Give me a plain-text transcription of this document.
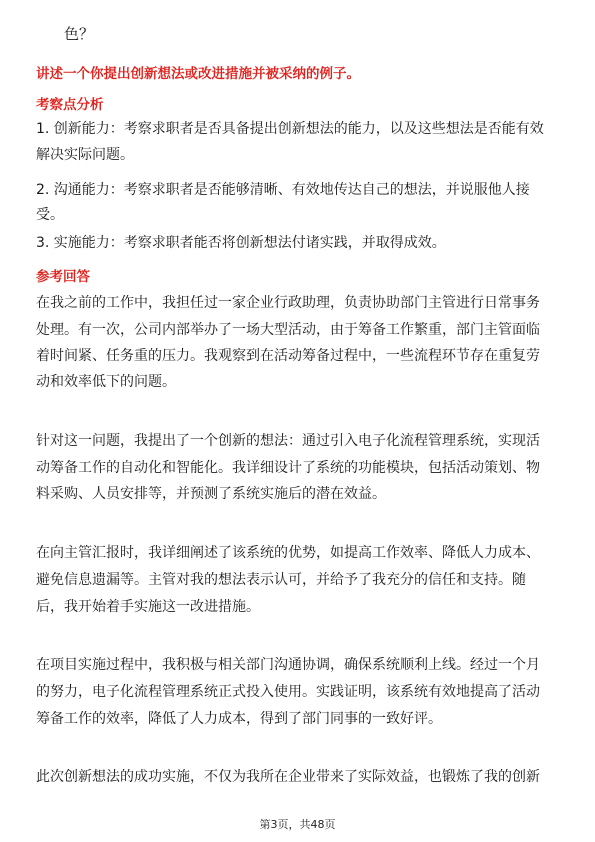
色？
讲述一个你提出创新想法或改进措施并被采纳的例子。
考察点分析
1. 创新能力：考察求职者是否具备提出创新想法的能力，以及这些想法是否能有效
解决实际问题。
2. 沟通能力：考察求职者是否能够清晰、有效地传达自己的想法，并说服他人接
受。
3. 实施能力：考察求职者能否将创新想法付诸实践，并取得成效。
参考回答
在我之前的工作中，我担任过一家企业行政助理，负责协助部门主管进行日常事务
处理。有一次，公司内部举办了一场大型活动，由于筹备工作繁重，部门主管面临
着时间紧、任务重的压力。我观察到在活动筹备过程中，一些流程环节存在重复劳
动和效率低下的问题。
针对这一问题，我提出了一个创新的想法：通过引入电子化流程管理系统，实现活
动筹备工作的自动化和智能化。我详细设计了系统的功能模块，包括活动策划、物
料采购、人员安排等，并预测了系统实施后的潜在效益。
在向主管汇报时，我详细阐述了该系统的优势，如提高工作效率、降低人力成本、
避免信息遗漏等。主管对我的想法表示认可，并给予了我充分的信任和支持。随
后，我开始着手实施这一改进措施。
在项目实施过程中，我积极与相关部门沟通协调，确保系统顺利上线。经过一个月
的努力，电子化流程管理系统正式投入使用。实践证明，该系统有效地提高了活动
筹备工作的效率，降低了人力成本，得到了部门同事的一致好评。
此次创新想法的成功实施，不仅为我所在企业带来了实际效益，也锻炼了我的创新
第3页，共48页
